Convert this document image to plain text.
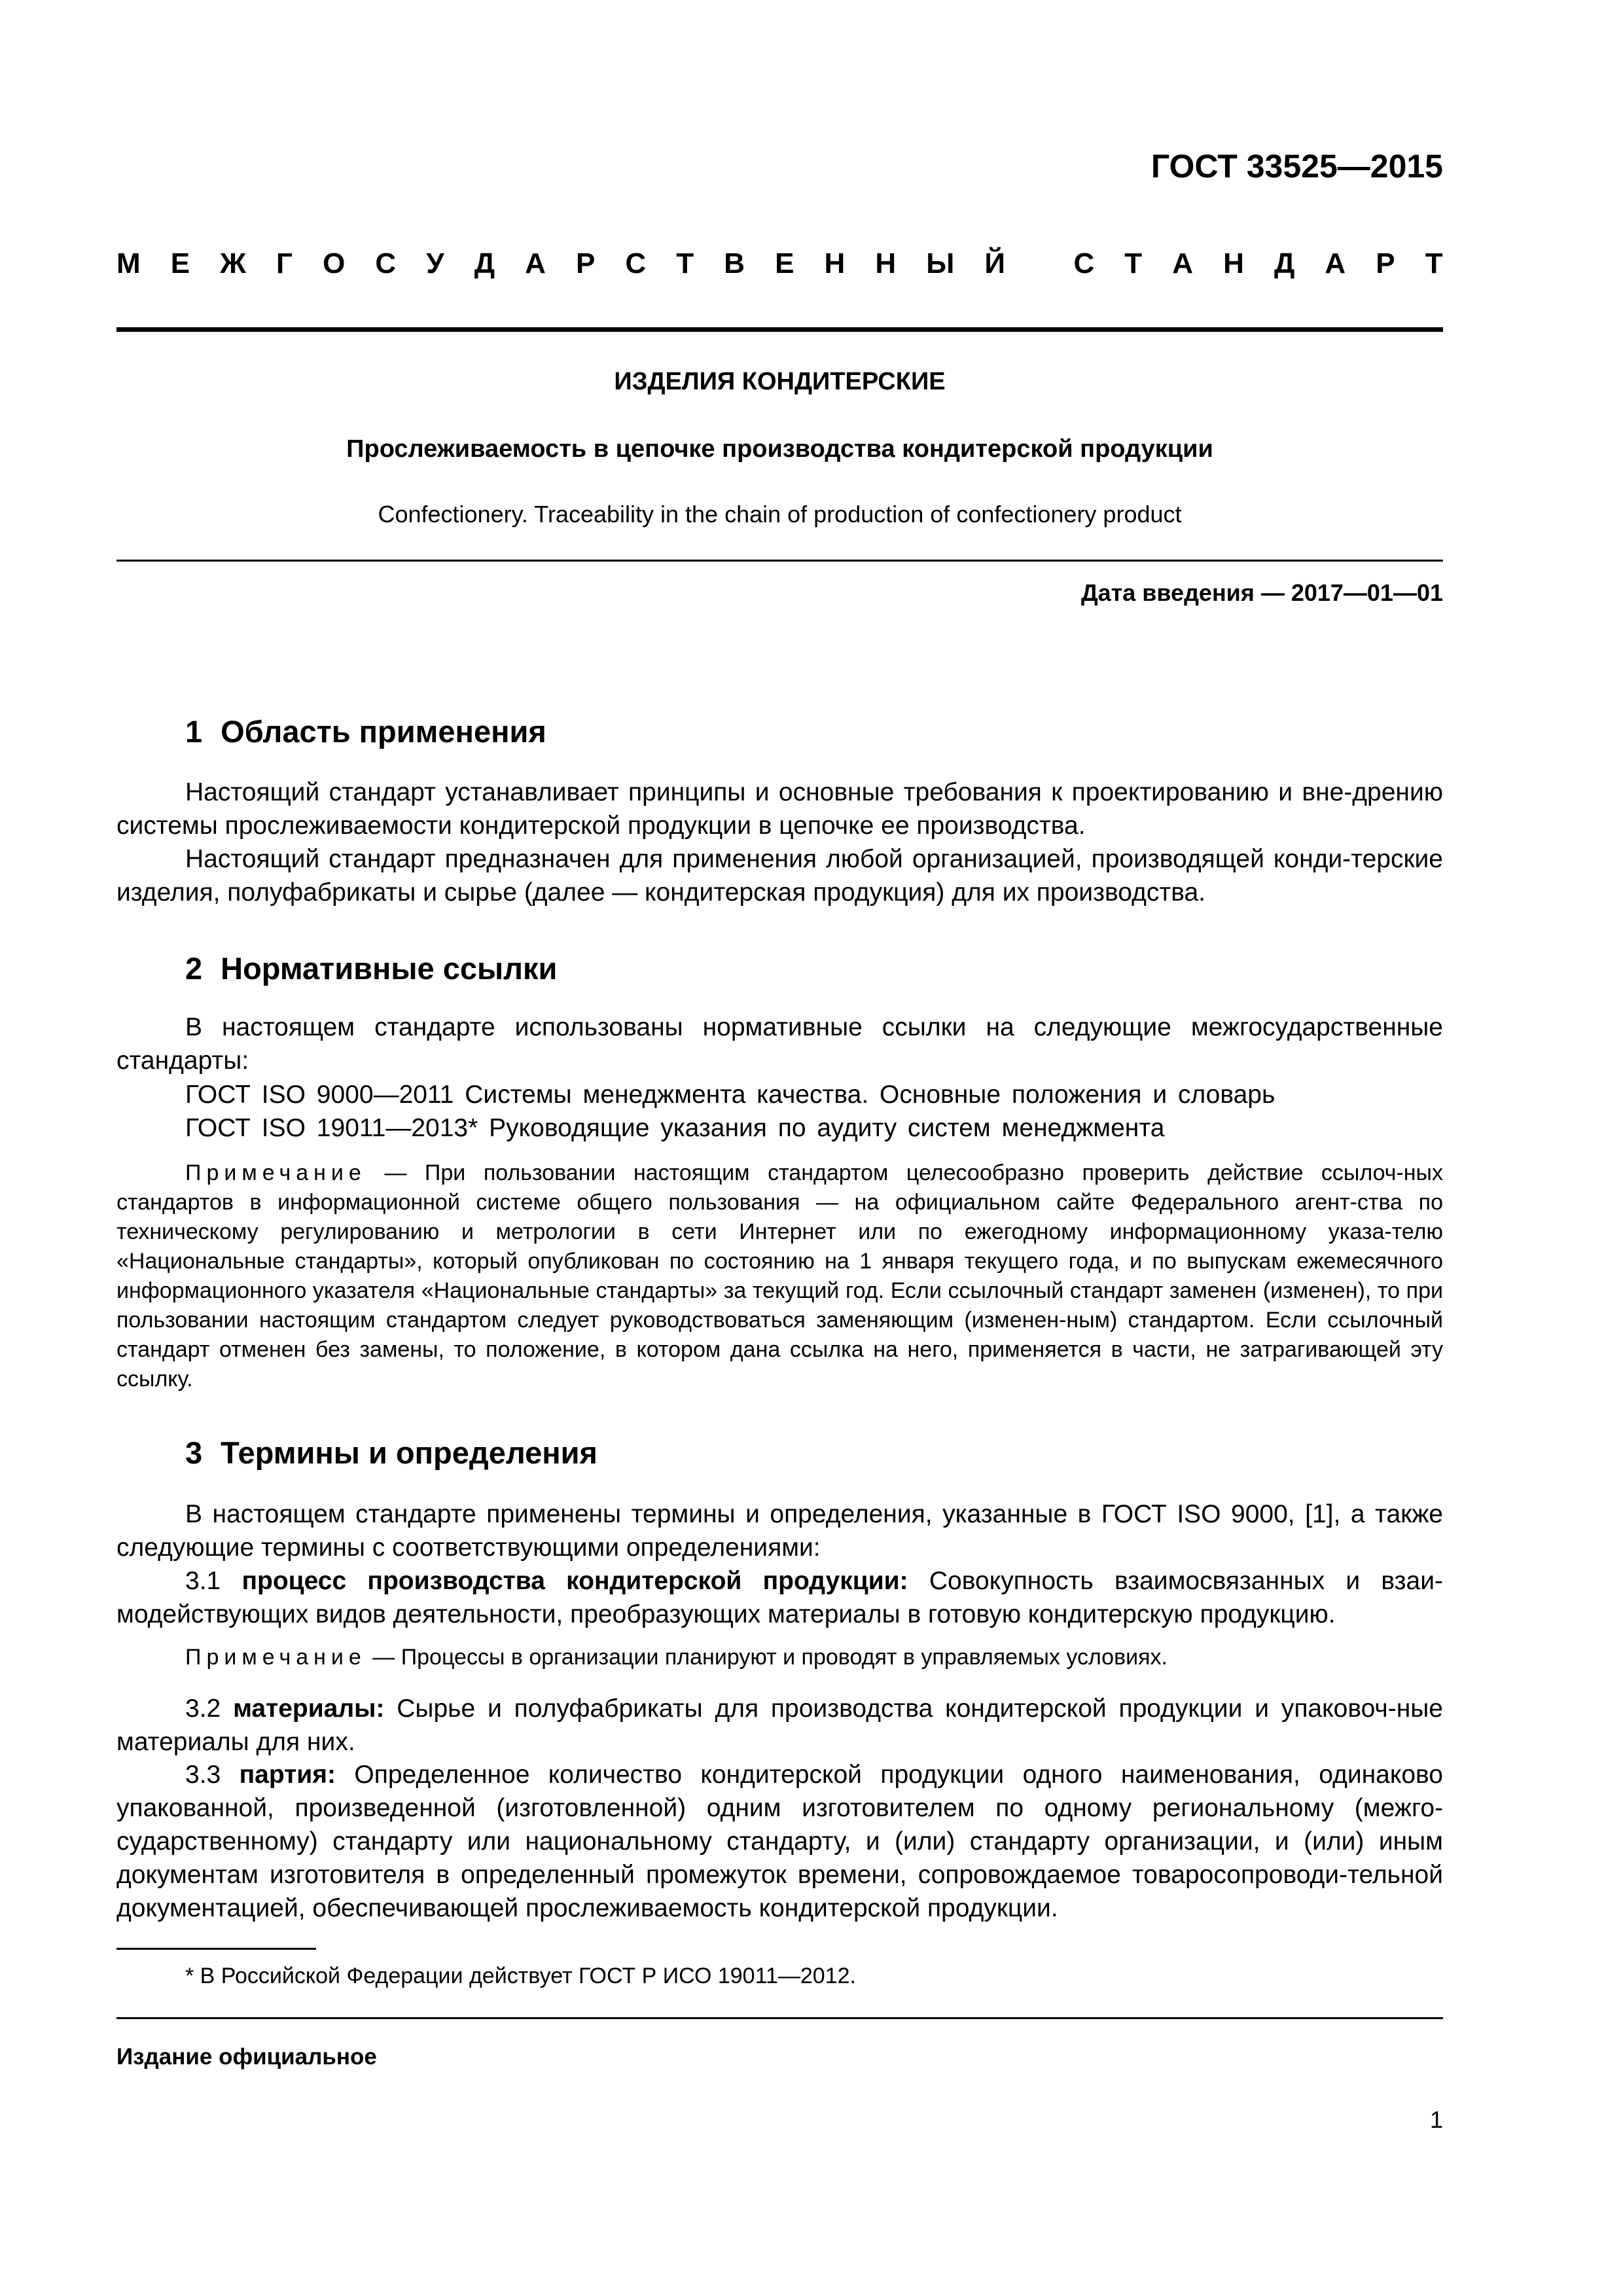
ГОСТ 33525—2015
М Е Ж Г О С У Д А Р С Т В Е Н Н Ы Й
С Т А Н Д А Р Т
ИЗДЕЛИЯ КОНДИТЕРСКИЕ
Прослеживаемость в цепочке производства кондитерской продукции
Confectionery. Traceability in the chain of production of confectionery product
Дата введения — 2017—01—01
1 Область применения

Настоящий стандарт устанавливает принципы и основные требования к проектированию и вне-дрению системы прослеживаемости кондитерской продукции в цепочке ее производства.

Настоящий стандарт предназначен для применения любой организацией, производящей конди-терские изделия, полуфабрикаты и сырье (далее — кондитерская продукция) для их производства.

2 Нормативные ссылки

В настоящем стандарте использованы нормативные ссылки на следующие межгосударственные стандарты:

ГОСТ ISO 9000—2011 Системы менеджмента качества. Основные положения и словарь
ГОСТ ISO 19011—2013* Руководящие указания по аудиту систем менеджмента

Примечание — При пользовании настоящим стандартом целесообразно проверить действие ссылоч-ных стандартов в информационной системе общего пользования — на официальном сайте Федерального агент-ства по техническому регулированию и метрологии в сети Интернет или по ежегодному информационному указа-телю «Национальные стандарты», который опубликован по состоянию на 1 января текущего года, и по выпускам ежемесячного информационного указателя «Национальные стандарты» за текущий год. Если ссылочный стандарт заменен (изменен), то при пользовании настоящим стандартом следует руководствоваться заменяющим (изменен-ным) стандартом. Если ссылочный стандарт отменен без замены, то положение, в котором дана ссылка на него, применяется в части, не затрагивающей эту ссылку.

3 Термины и определения

В настоящем стандарте применены термины и определения, указанные в ГОСТ ISO 9000, [1], а также следующие термины с соответствующими определениями:

3.1 процесс производства кондитерской продукции: Совокупность взаимосвязанных и взаи-модействующих видов деятельности, преобразующих материалы в готовую кондитерскую продукцию.

Примечание — Процессы в организации планируют и проводят в управляемых условиях.

3.2 материалы: Сырье и полуфабрикаты для производства кондитерской продукции и упаковоч-ные материалы для них.

3.3 партия: Определенное количество кондитерской продукции одного наименования, одинаково упакованной, произведенной (изготовленной) одним изготовителем по одному региональному (межго-сударственному) стандарту или национальному стандарту, и (или) стандарту организации, и (или) иным документам изготовителя в определенный промежуток времени, сопровождаемое товаросопроводи-тельной документацией, обеспечивающей прослеживаемость кондитерской продукции.

* В Российской Федерации действует ГОСТ Р ИСО 19011—2012.
Издание официальное
1
